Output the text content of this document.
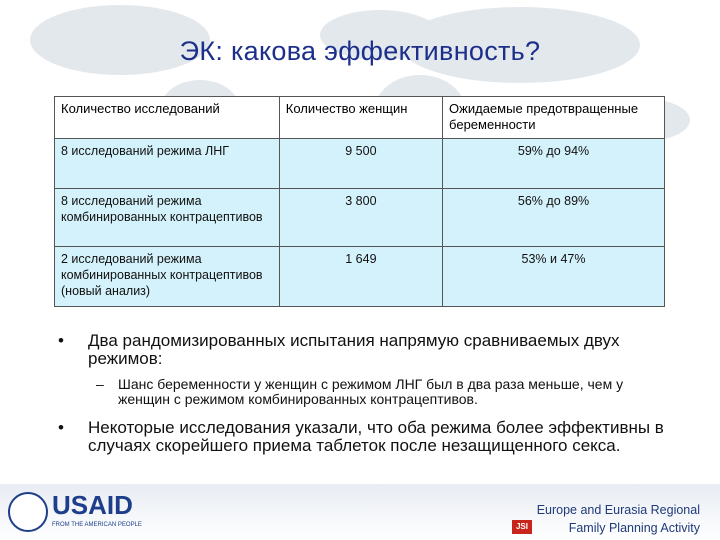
ЭК: какова эффективность?
Количество исследований	Количество женщин	Ожидаемые предотвращенные беременности
8 исследований режима ЛНГ	9 500	59% до 94%
8 исследований режима комбинированных контрацептивов	3 800	56% до 89%
2 исследований режима комбинированных контрацептивов (новый анализ)	1 649	53% и 47%
• Два рандомизированных испытания напрямую сравниваемых двух режимов:
– Шанс беременности у женщин с режимом ЛНГ был в два раза меньше, чем у женщин с режимом комбинированных контрацептивов.
• Некоторые исследования указали, что оба режима более эффективны в случаях скорейшего приема таблеток после незащищенного секса.
USAID
FROM THE AMERICAN PEOPLE
Europe and Eurasia Regional
JSI	Family Planning Activity
